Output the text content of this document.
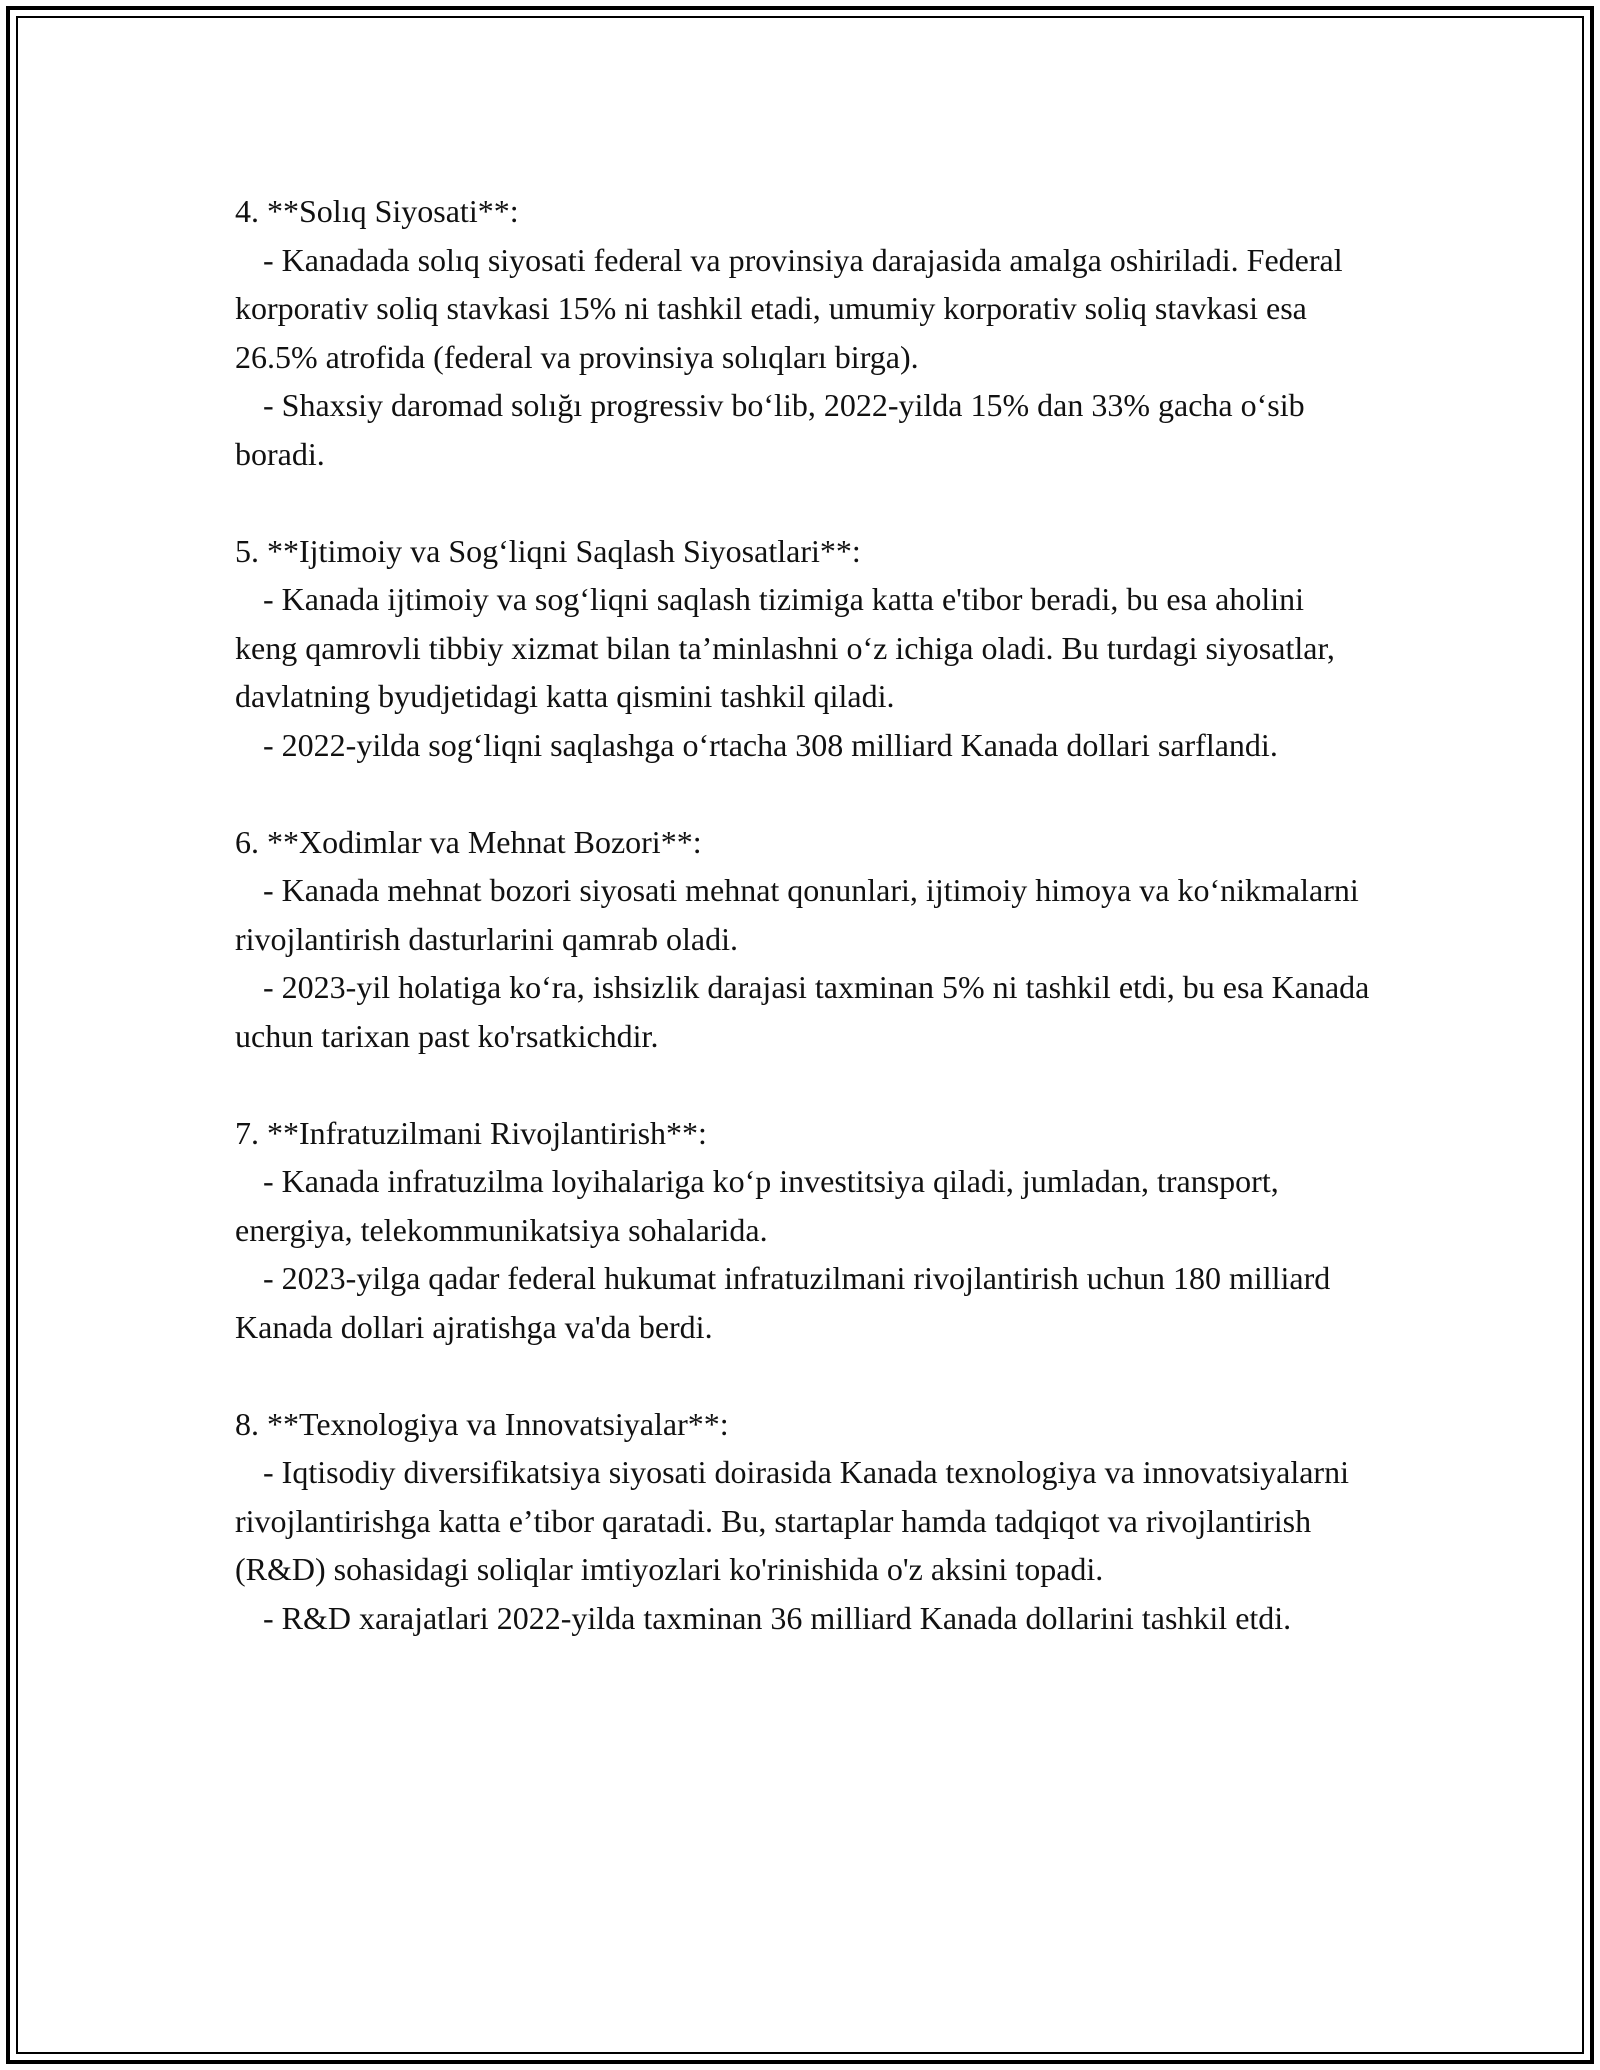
4. **Solıq Siyosati**:

- Kanadada solıq siyosati federal va provinsiya darajasida amalga oshiriladi. Federal korporativ soliq stavkasi 15% ni tashkil etadi, umumiy korporativ soliq stavkasi esa 26.5% atrofida (federal va provinsiya solıqları birga).

- Shaxsiy daromad solığı progressiv boʻlib, 2022-yilda 15% dan 33% gacha oʻsib boradi.

5. **Ijtimoiy va Sogʻliqni Saqlash Siyosatlari**:

- Kanada ijtimoiy va sogʻliqni saqlash tizimiga katta e'tibor beradi, bu esa aholini keng qamrovli tibbiy xizmat bilan taʼminlashni oʻz ichiga oladi. Bu turdagi siyosatlar, davlatning byudjetidagi katta qismini tashkil qiladi.

- 2022-yilda sogʻliqni saqlashga oʻrtacha 308 milliard Kanada dollari sarflandi.

6. **Xodimlar va Mehnat Bozori**:

- Kanada mehnat bozori siyosati mehnat qonunlari, ijtimoiy himoya va koʻnikmalarni rivojlantirish dasturlarini qamrab oladi.

- 2023-yil holatiga koʻra, ishsizlik darajasi taxminan 5% ni tashkil etdi, bu esa Kanada uchun tarixan past ko'rsatkichdir.

7. **Infratuzilmani Rivojlantirish**:

- Kanada infratuzilma loyihalariga koʻp investitsiya qiladi, jumladan, transport, energiya, telekommunikatsiya sohalarida.

- 2023-yilga qadar federal hukumat infratuzilmani rivojlantirish uchun 180 milliard Kanada dollari ajratishga va'da berdi.

8. **Texnologiya va Innovatsiyalar**:

- Iqtisodiy diversifikatsiya siyosati doirasida Kanada texnologiya va innovatsiyalarni rivojlantirishga katta eʼtibor qaratadi. Bu, startaplar hamda tadqiqot va rivojlantirish (R&D) sohasidagi soliqlar imtiyozlari ko'rinishida o'z aksini topadi.

- R&D xarajatlari 2022-yilda taxminan 36 milliard Kanada dollarini tashkil etdi.
